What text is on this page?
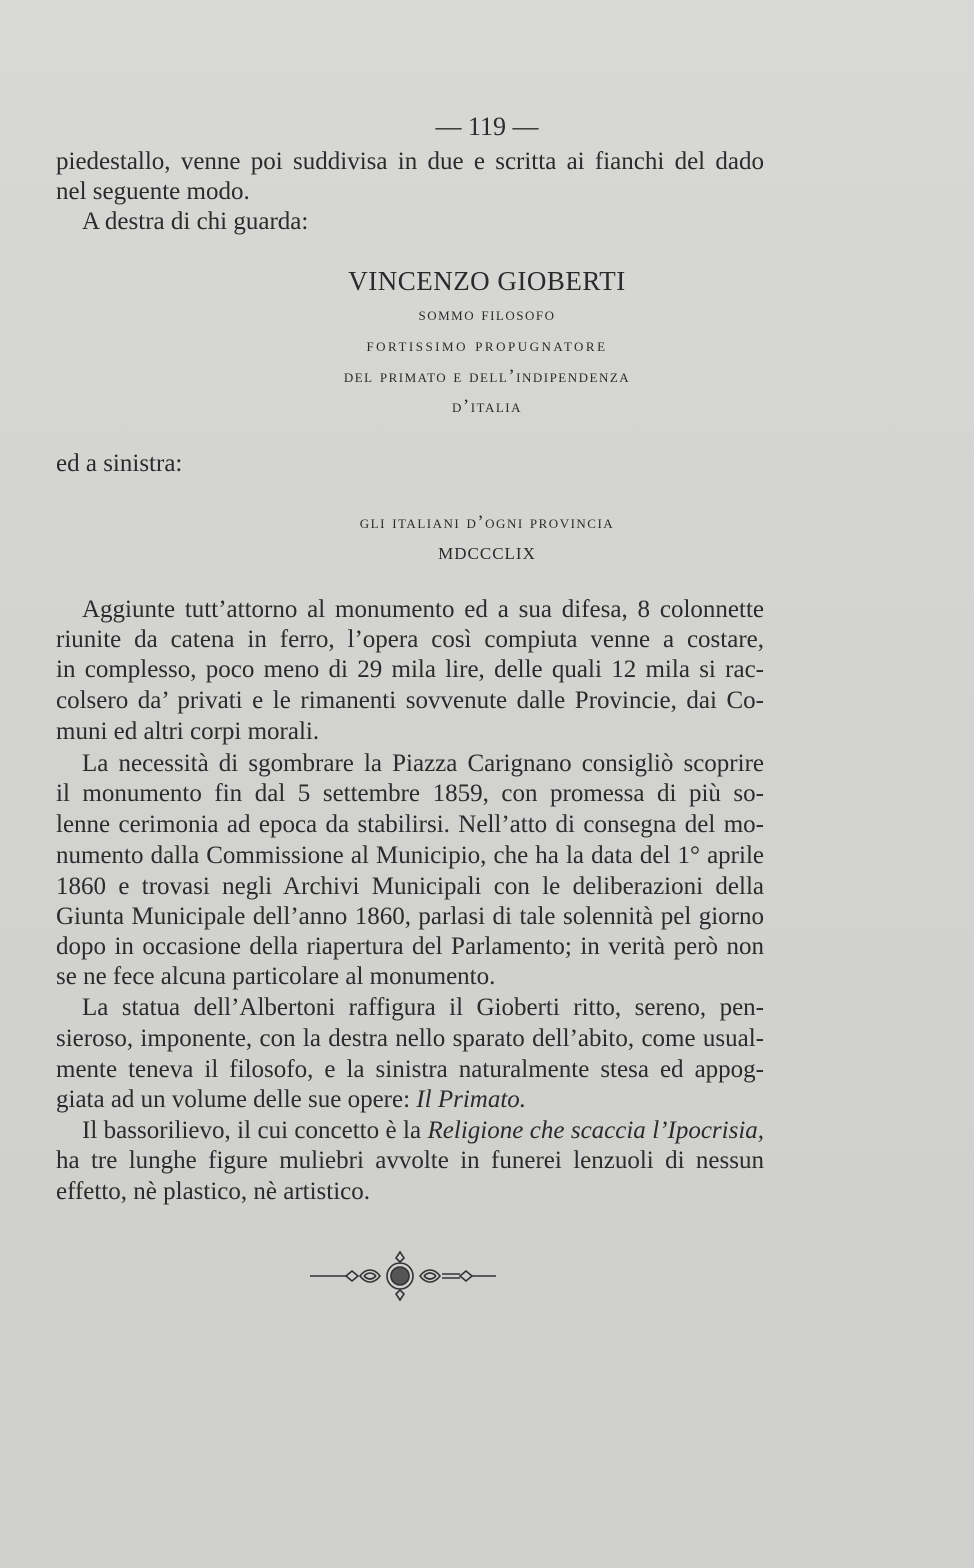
— 119 —
piedestallo, venne poi suddivisa in due e scritta ai fianchi del dado
nel seguente modo.
A destra di chi guarda:
VINCENZO GIOBERTI
sommo filosofo
fortissimo propugnatore
del primato e dell’indipendenza
d’italia
ed a sinistra:
gli italiani d’ogni provincia
MDCCCLIX
Aggiunte tutt’attorno al monumento ed a sua difesa, 8 colonnette
riunite da catena in ferro, l’opera così compiuta venne a costare,
in complesso, poco meno di 29 mila lire, delle quali 12 mila si rac-
colsero da’ privati e le rimanenti sovvenute dalle Provincie, dai Co-
muni ed altri corpi morali.
La necessità di sgombrare la Piazza Carignano consigliò scoprire
il monumento fin dal 5 settembre 1859, con promessa di più so-
lenne cerimonia ad epoca da stabilirsi. Nell’atto di consegna del mo-
numento dalla Commissione al Municipio, che ha la data del 1° aprile
1860 e trovasi negli Archivi Municipali con le deliberazioni della
Giunta Municipale dell’anno 1860, parlasi di tale solennità pel giorno
dopo in occasione della riapertura del Parlamento; in verità però non
se ne fece alcuna particolare al monumento.
La statua dell’Albertoni raffigura il Gioberti ritto, sereno, pen-
sieroso, imponente, con la destra nello sparato dell’abito, come usual-
mente teneva il filosofo, e la sinistra naturalmente stesa ed appog-
giata ad un volume delle sue opere: Il Primato.
Il bassorilievo, il cui concetto è la Religione che scaccia l’Ipocrisia,
ha tre lunghe figure muliebri avvolte in funerei lenzuoli di nessun
effetto, nè plastico, nè artistico.
